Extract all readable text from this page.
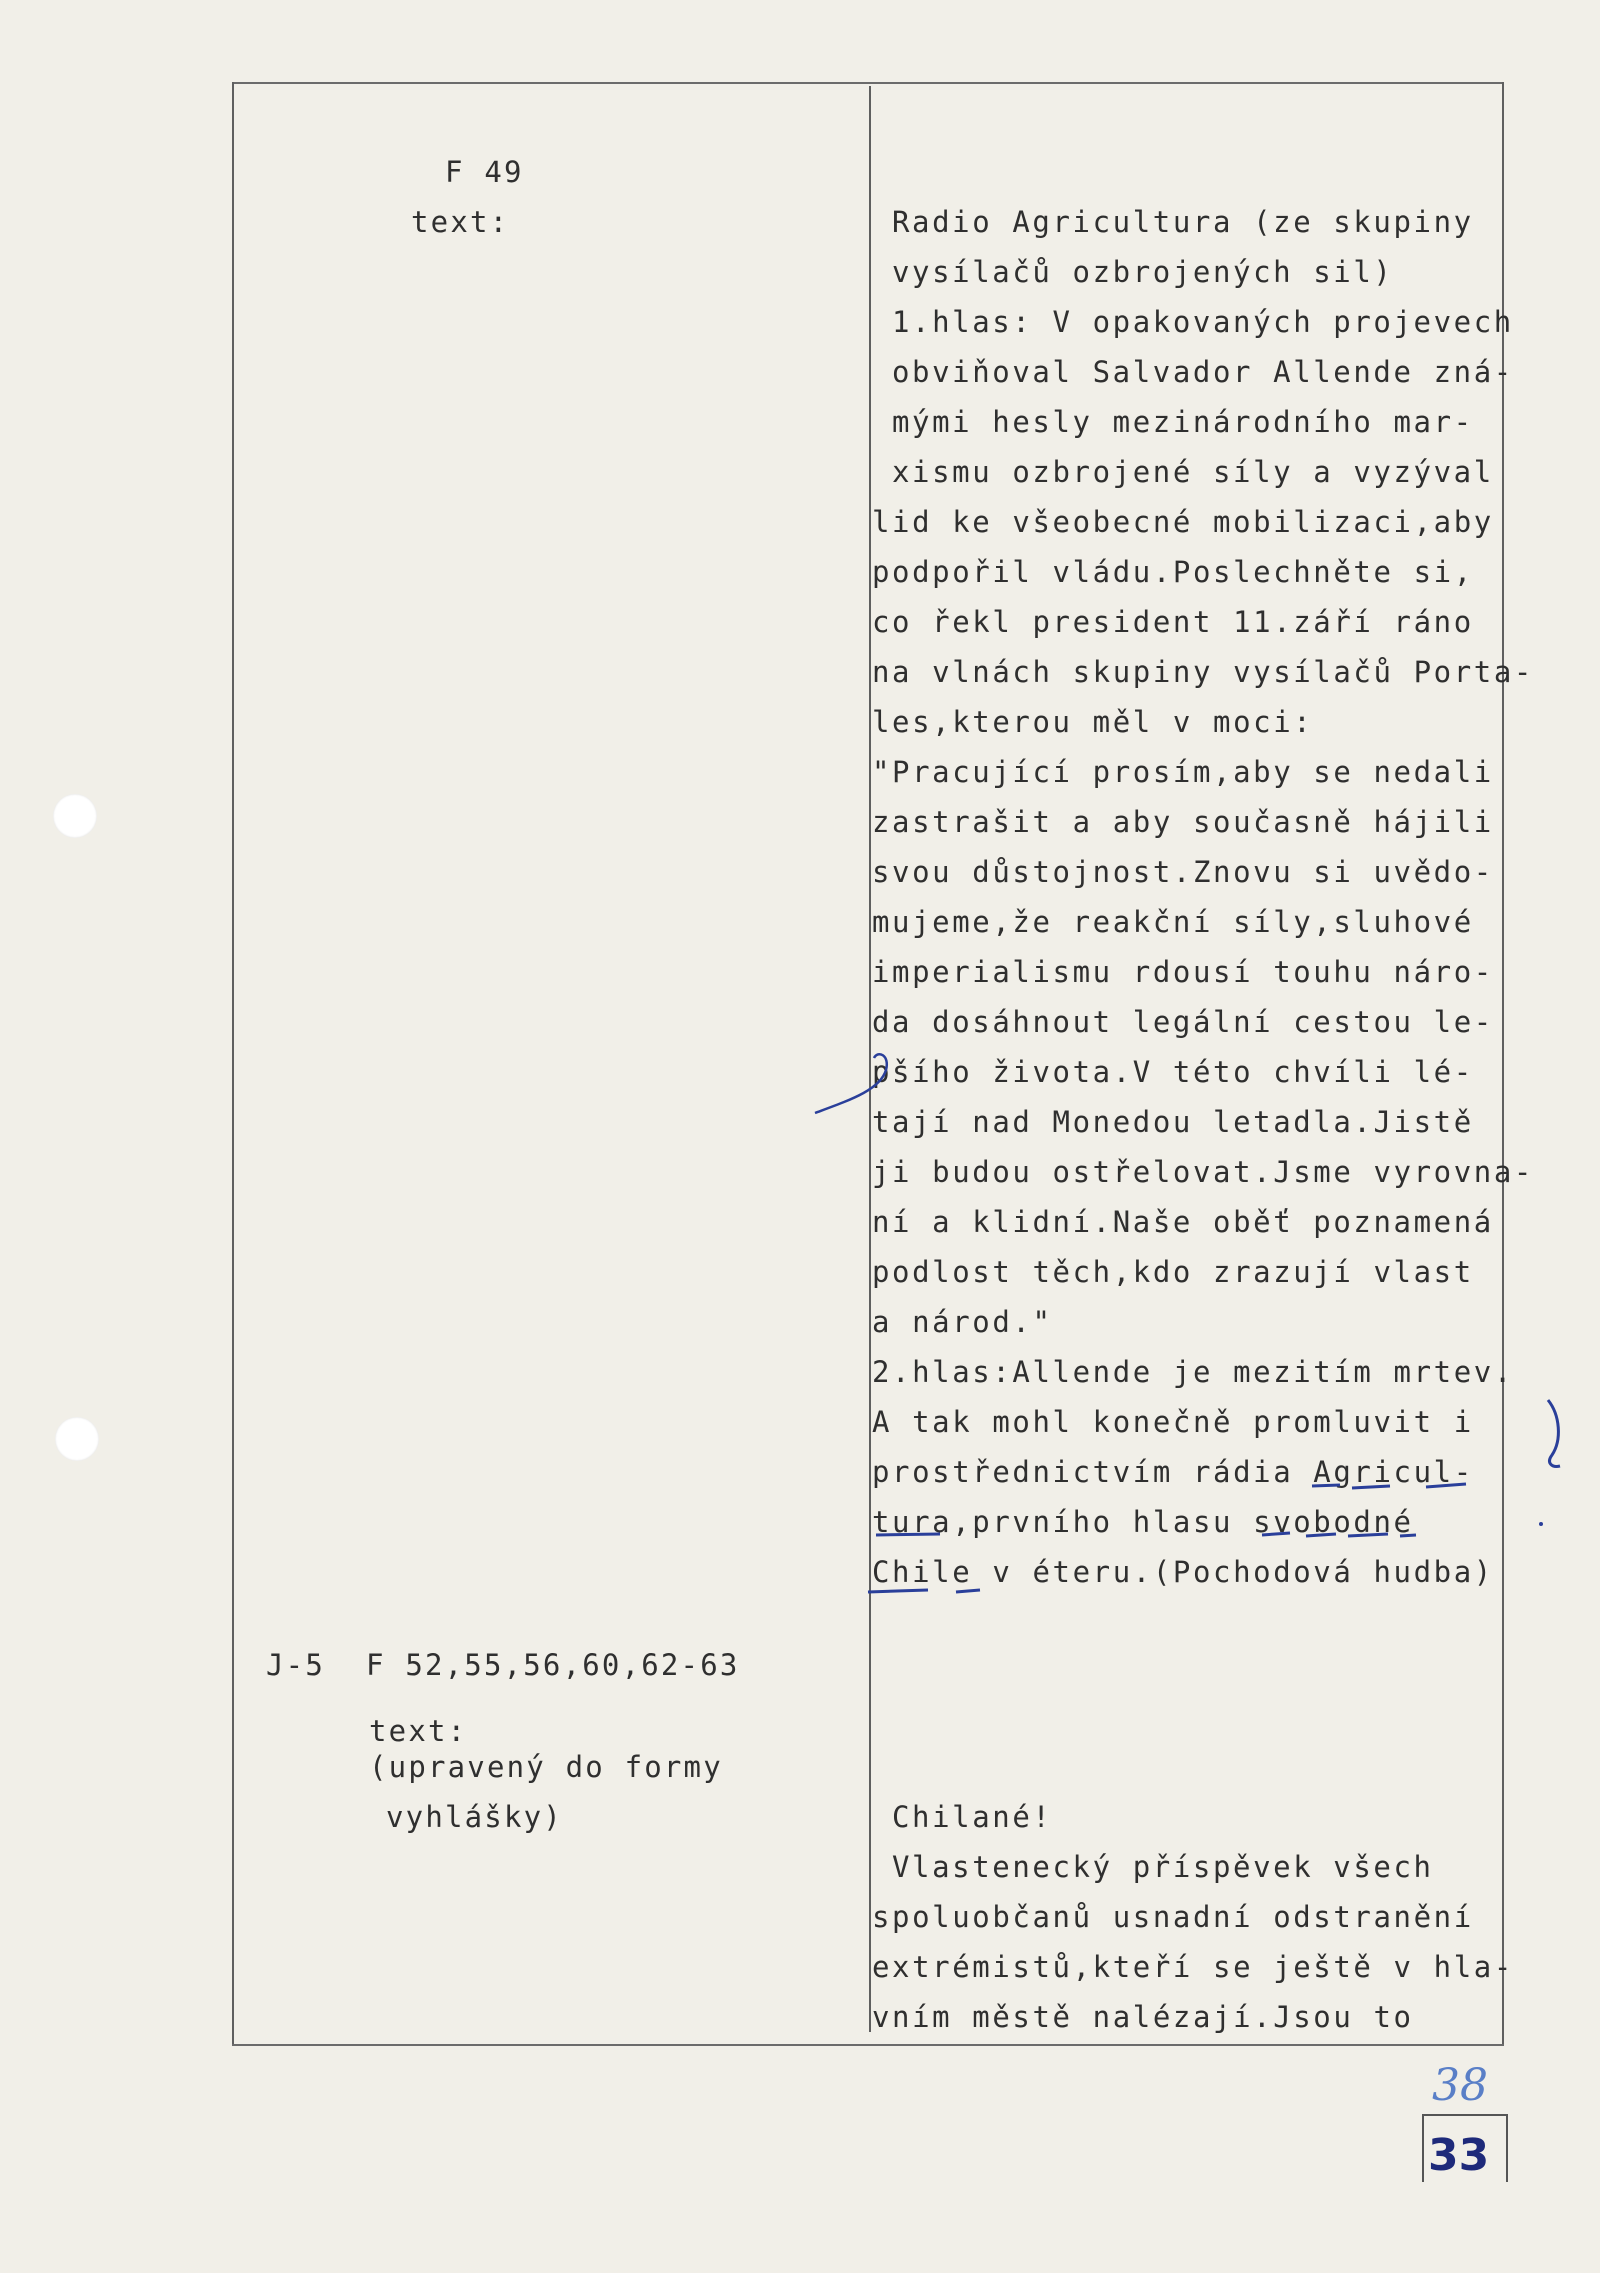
F 49
text:
J-5 F 52,55,56,60,62-63
text:
(upravený do formy
vyhlášky)
Radio Agricultura (ze skupiny
vysílačů ozbrojených sil)
1.hlas: V opakovaných projevech
obviňoval Salvador Allende zná-
mými hesly mezinárodního mar-
xismu ozbrojené síly a vyzýval
lid ke všeobecné mobilizaci,aby
podpořil vládu.Poslechněte si,
co řekl president 11.září ráno
na vlnách skupiny vysílačů Porta-
les,kterou měl v moci:
"Pracující prosím,aby se nedali
zastrašit a aby současně hájili
svou důstojnost.Znovu si uvědo-
mujeme,že reakční síly,sluhové
imperialismu rdousí touhu náro-
da dosáhnout legální cestou le-
pšího života.V této chvíli lé-
tají nad Monedou letadla.Jistě
ji budou ostřelovat.Jsme vyrovna-
ní a klidní.Naše oběť poznamená
podlost těch,kdo zrazují vlast
a národ."
2.hlas:Allende je mezitím mrtev.
A tak mohl konečně promluvit i
prostřednictvím rádia Agricul-
tura,prvního hlasu svobodné
Chile v éteru.(Pochodová hudba)
Chilané!
Vlastenecký příspěvek všech
spoluobčanů usnadní odstranění
extrémistů,kteří se ještě v hla-
vním městě nalézají.Jsou to
38
33
